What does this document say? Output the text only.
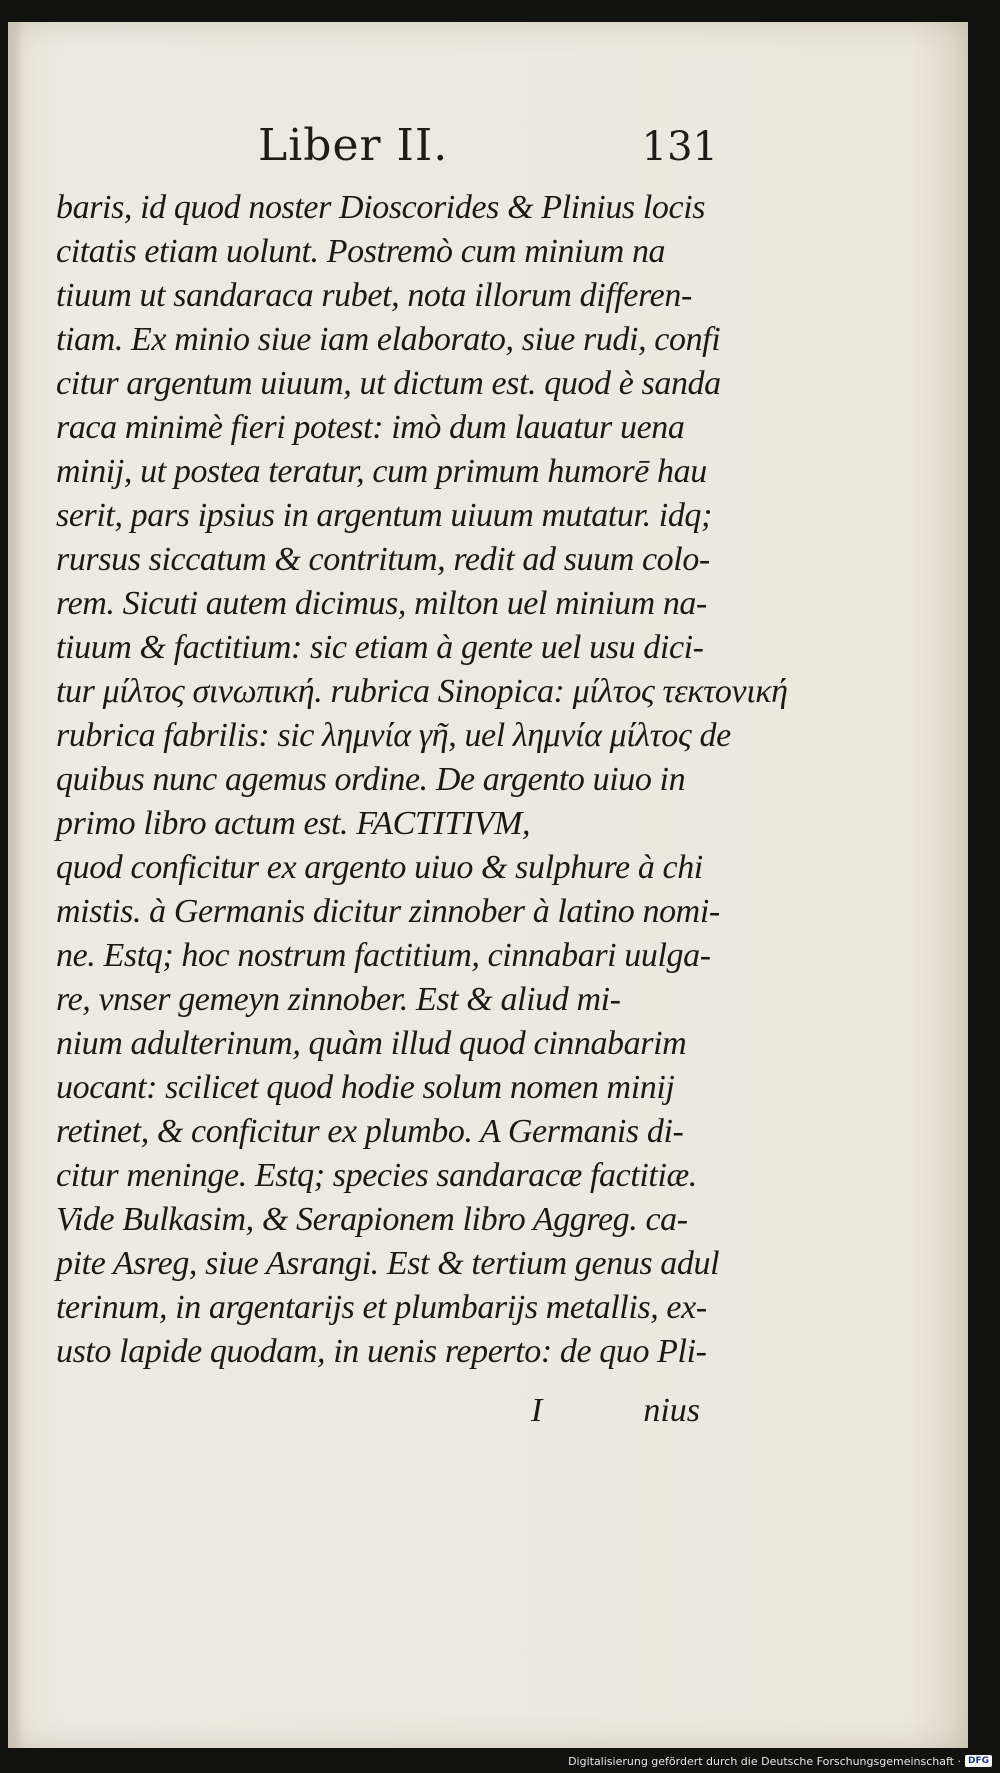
Liber II.	131
baris, id quod noster Dioscorides & Plinius locis
citatis etiam uolunt. Postremò cum minium na
tiuum ut sandaraca rubet, nota illorum differen-
tiam. Ex minio siue iam elaborato, siue rudi, confi
citur argentum uiuum, ut dictum est. quod è sanda
raca minimè fieri potest: imò dum lauatur uena
minij, ut postea teratur, cum primum humorē hau
serit, pars ipsius in argentum uiuum mutatur. idq;
rursus siccatum & contritum, redit ad suum colo-
rem. Sicuti autem dicimus, milton uel minium na-
tiuum & factitium: sic etiam à gente uel usu dici-
tur μίλτος σινωπική. rubrica Sinopica: μίλτος τεκτονική
rubrica fabrilis: sic λημνία γῆ, uel λημνία μίλτος de
quibus nunc agemus ordine. De argento uiuo in
primo libro actum est. FACTITIVM,
quod conficitur ex argento uiuo & sulphure à chi
mistis. à Germanis dicitur zinnober à latino nomi-
ne. Estq; hoc nostrum factitium, cinnabari uulga-
re, vnser gemeyn zinnober. Est & aliud mi-
nium adulterinum, quàm illud quod cinnabarim
uocant: scilicet quod hodie solum nomen minij
retinet, & conficitur ex plumbo. A Germanis di-
citur meninge. Estq; species sandaracæ factitiæ.
Vide Bulkasim, & Serapionem libro Aggreg. ca-
pite Asreg, siue Asrangi. Est & tertium genus adul
terinum, in argentarijs et plumbarijs metallis, ex-
usto lapide quodam, in uenis reperto: de quo Pli-
I	nius
Digitalisierung gefördert durch die Deutsche Forschungsgemeinschaft · DFG
